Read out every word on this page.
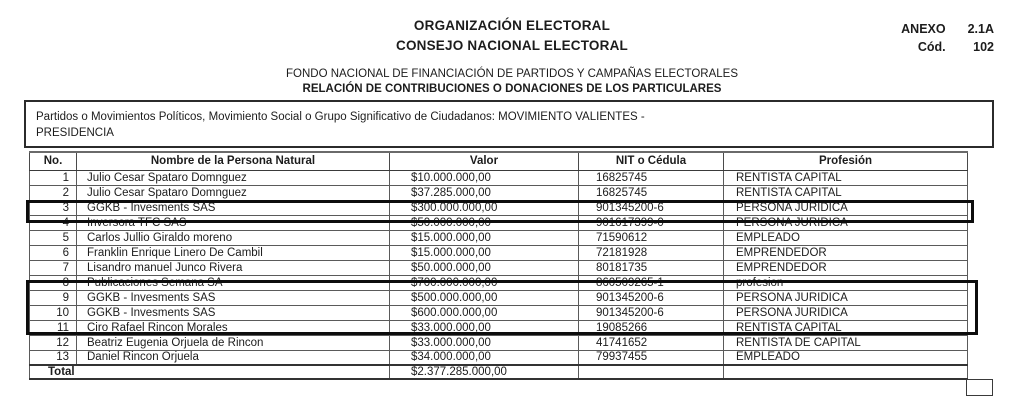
ORGANIZACIÓN ELECTORAL
CONSEJO NACIONAL ELECTORAL
ANEXO 2.1A
Cód.	102
FONDO NACIONAL DE FINANCIACIÓN DE PARTIDOS Y CAMPAÑAS ELECTORALES
RELACIÓN DE CONTRIBUCIONES O DONACIONES DE LOS PARTICULARES
Partidos o Movimientos Políticos, Movimiento Social o Grupo Significativo de Ciudadanos: MOVIMIENTO VALIENTES -
PRESIDENCIA
No.	Nombre de la Persona Natural	Valor	NIT o Cédula	Profesión
1	Julio Cesar Spataro Domnguez	$10.000.000,00	16825745	RENTISTA CAPITAL
2	Julio Cesar Spataro Domnguez	$37.285.000,00	16825745	RENTISTA CAPITAL
3	GGKB - Invesments SAS	$300.000.000,00	901345200-6	PERSONA JURIDICA
4	Inversora TFC SAS	$50.000.000,00	901617399-0	PERSONA JURIDICA
5	Carlos Jullio Giraldo moreno	$15.000.000,00	71590612	EMPLEADO
6	Franklin Enrique Linero De Cambil	$15.000.000,00	72181928	EMPRENDEDOR
7	Lisandro manuel Junco Rivera	$50.000.000,00	80181735	EMPRENDEDOR
8	Publicaciones Semana SA	$700.000.000,00	860509265-1	profesion
9	GGKB - Invesments SAS	$500.000.000,00	901345200-6	PERSONA JURIDICA
10	GGKB - Invesments SAS	$600.000.000,00	901345200-6	PERSONA JURIDICA
11	Ciro Rafael Rincon Morales	$33.000.000,00	19085266	RENTISTA CAPITAL
12	Beatriz Eugenia Orjuela de Rincon	$33.000.000,00	41741652	RENTISTA DE CAPITAL
13	Daniel Rincon Orjuela	$34.000.000,00	79937455	EMPLEADO
Total		$2.377.285.000,00		
